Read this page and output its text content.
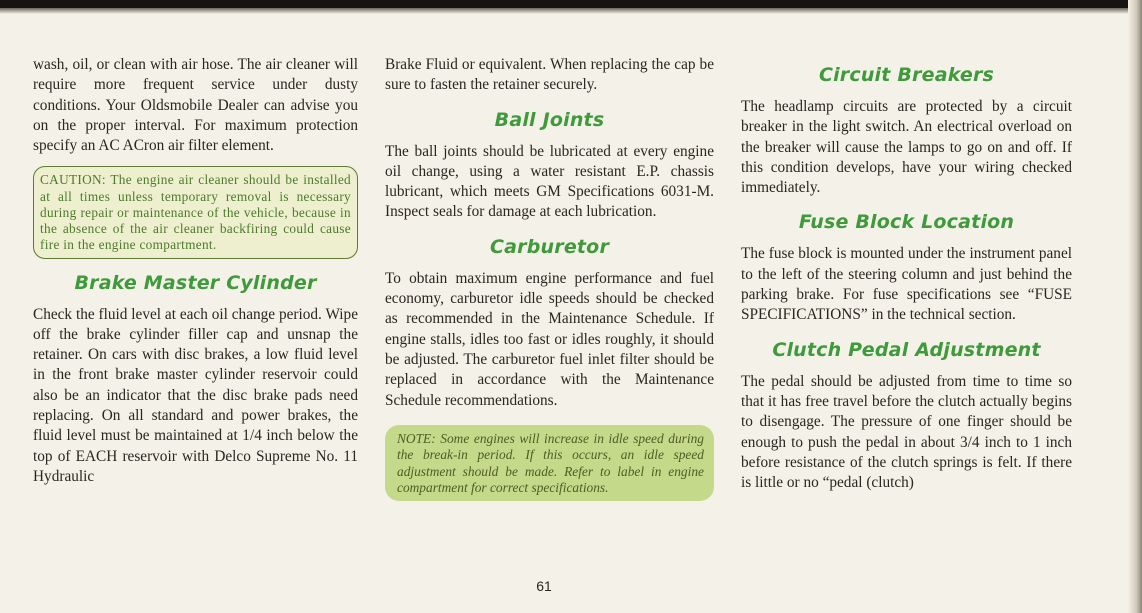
wash, oil, or clean with air hose. The air cleaner will require more frequent service under dusty conditions. Your Oldsmobile Dealer can advise you on the proper interval. For maximum protection specify an AC ACron air filter element.

CAUTION: The engine air cleaner should be installed at all times unless temporary removal is necessary during repair or maintenance of the vehicle, because in the absence of the air cleaner backfiring could cause fire in the engine compartment.
Brake Master Cylinder

Check the fluid level at each oil change period. Wipe off the brake cylinder filler cap and unsnap the retainer. On cars with disc brakes, a low fluid level in the front brake master cylinder reservoir could also be an indicator that the disc brake pads need replacing. On all standard and power brakes, the fluid level must be maintained at 1/4 inch below the top of EACH reservoir with Delco Supreme No. 11 Hydraulic

Brake Fluid or equivalent. When replacing the cap be sure to fasten the retainer securely.

Ball Joints

The ball joints should be lubricated at every engine oil change, using a water resistant E.P. chassis lubricant, which meets GM Specifications 6031-M. Inspect seals for damage at each lubrication.

Carburetor

To obtain maximum engine performance and fuel economy, carburetor idle speeds should be checked as recommended in the Maintenance Schedule. If engine stalls, idles too fast or idles roughly, it should be adjusted. The carburetor fuel inlet filter should be replaced in accordance with the Maintenance Schedule recommendations.

NOTE: Some engines will increase in idle speed during the break-in period. If this occurs, an idle speed adjustment should be made. Refer to label in engine compartment for correct specifications.
Circuit Breakers

The headlamp circuits are protected by a circuit breaker in the light switch. An electrical overload on the breaker will cause the lamps to go on and off. If this condition develops, have your wiring checked immediately.

Fuse Block Location

The fuse block is mounted under the instrument panel to the left of the steering column and just behind the parking brake. For fuse specifications see “FUSE SPECIFICATIONS” in the technical section.

Clutch Pedal Adjustment

The pedal should be adjusted from time to time so that it has free travel before the clutch actually begins to disengage. The pressure of one finger should be enough to push the pedal in about 3/4 inch to 1 inch before resistance of the clutch springs is felt. If there is little or no “pedal (clutch)

61
